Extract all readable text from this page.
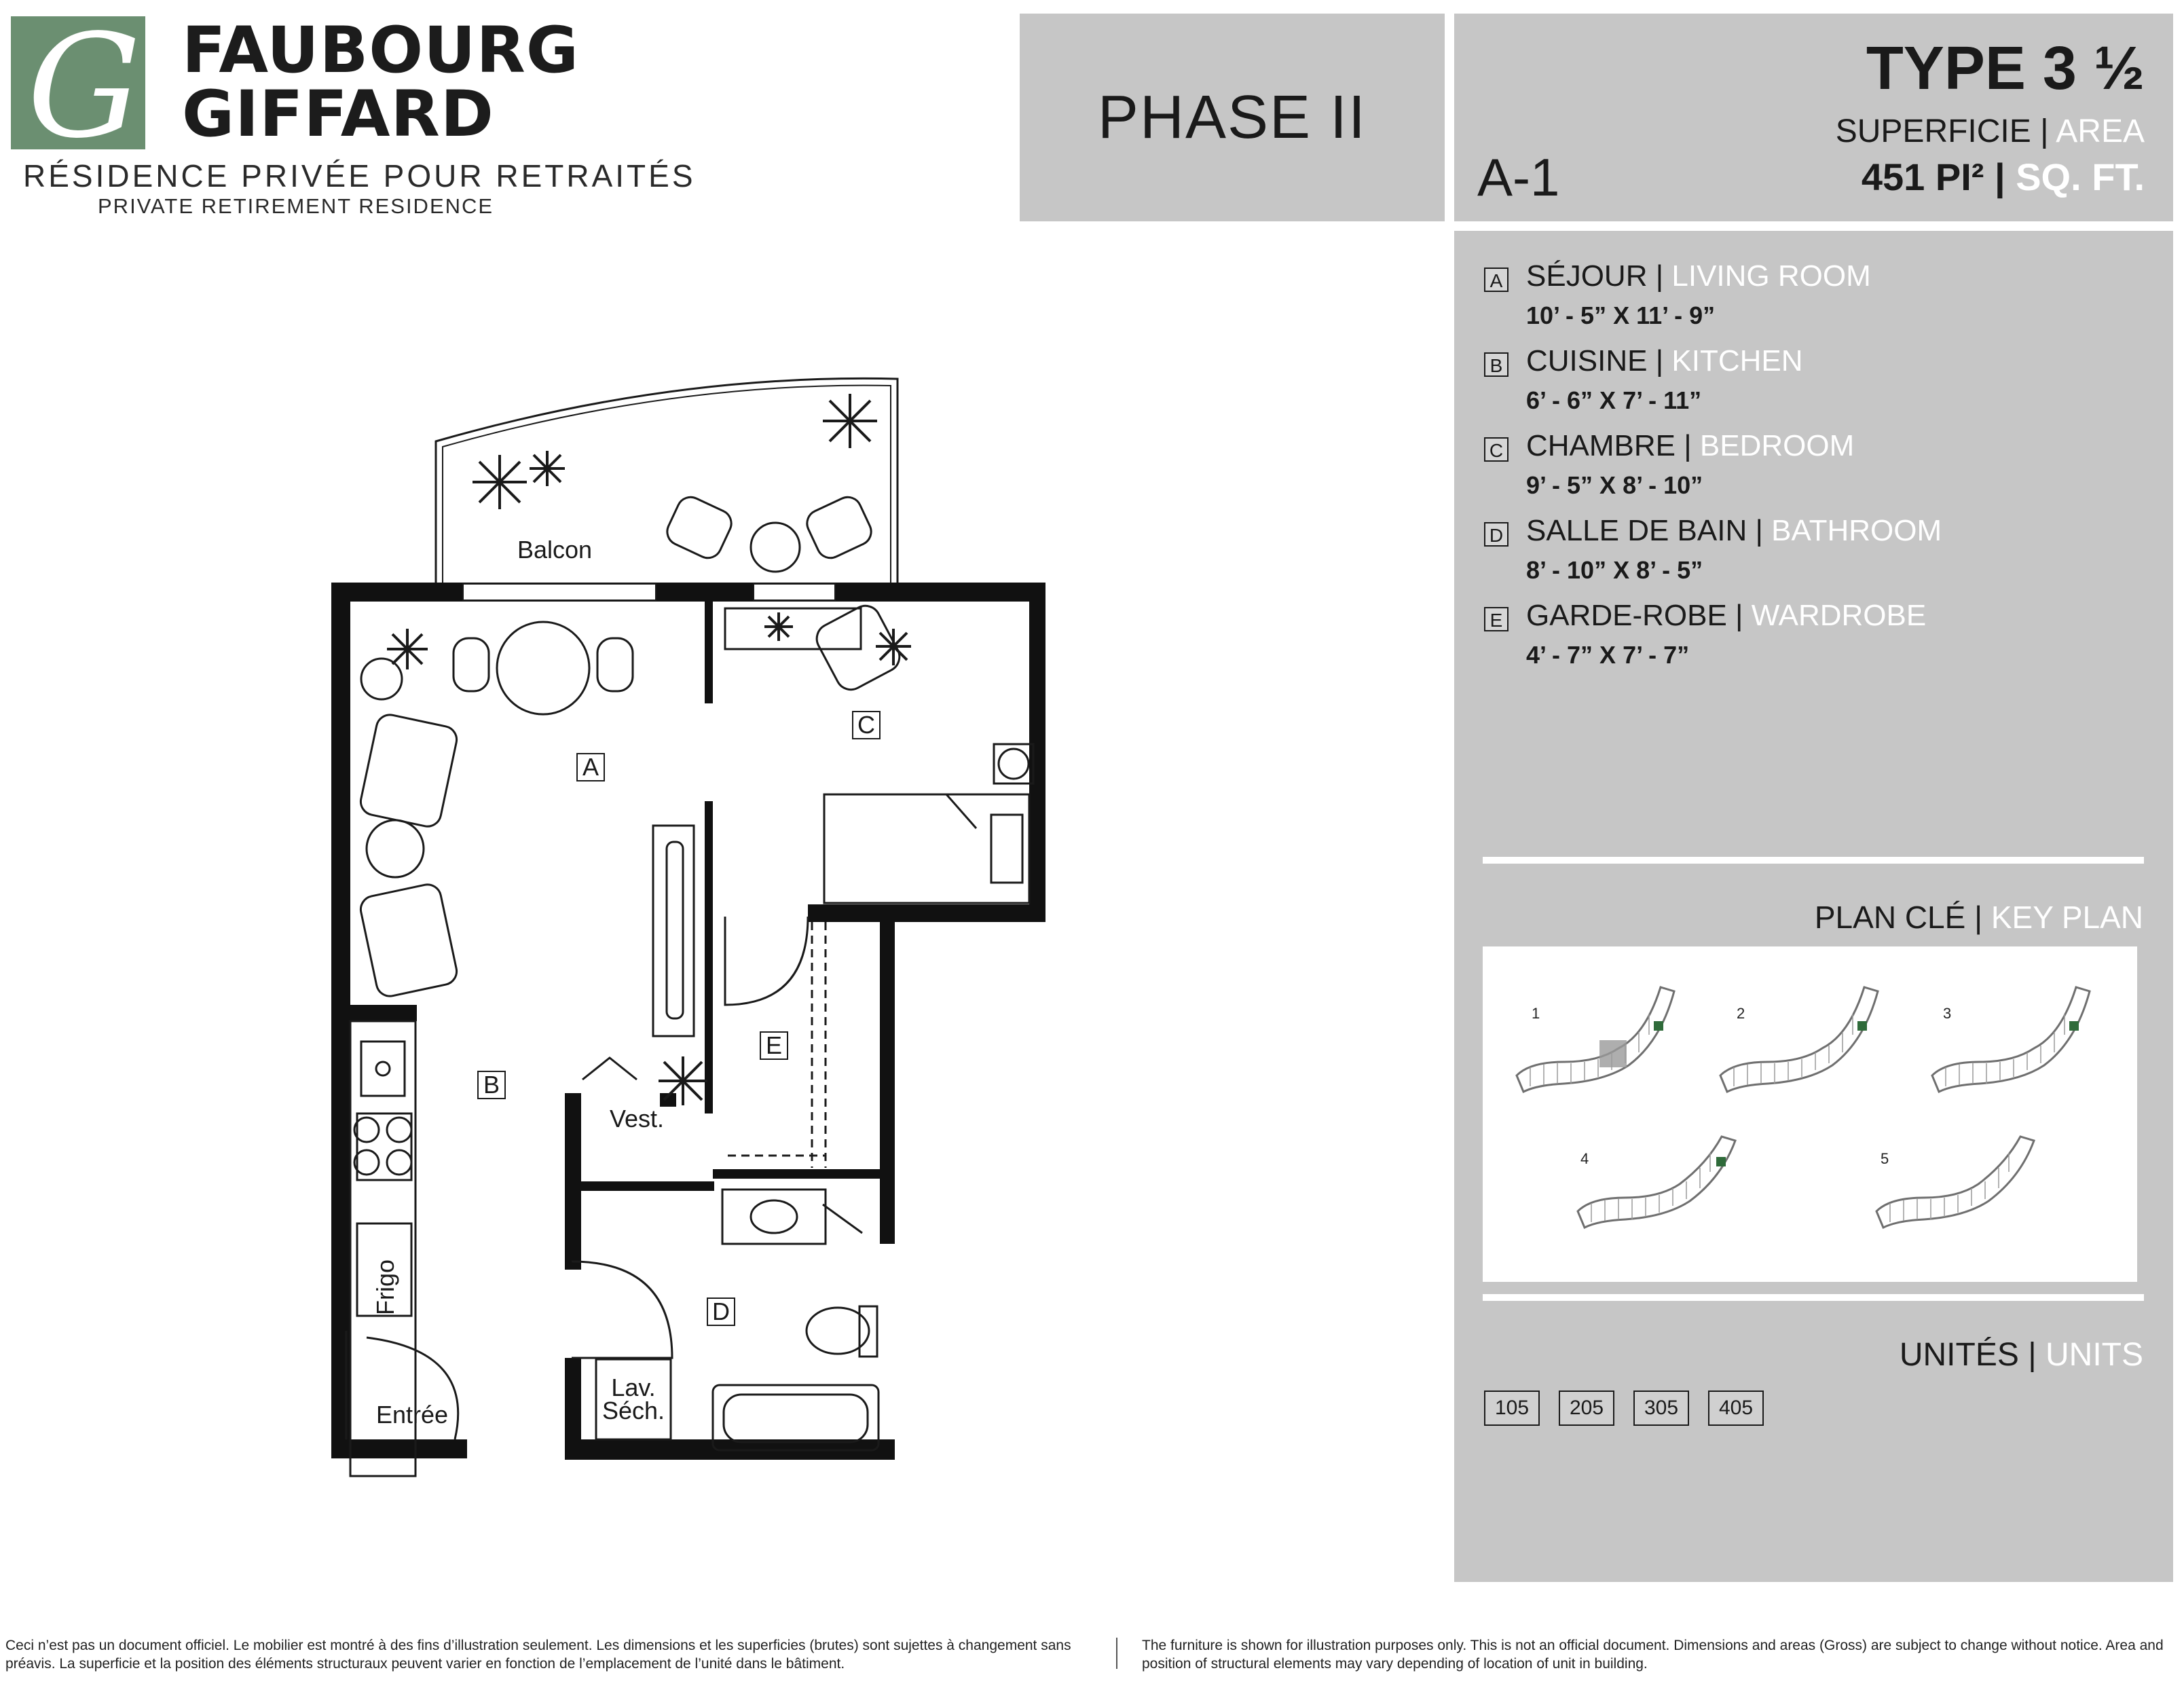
G FAUBOURG
GIFFARD
RÉSIDENCE PRIVÉE POUR RETRAITÉS
PRIVATE RETIREMENT RESIDENCE
PHASE II
A-1
TYPE 3 ½
SUPERFICIE | AREA
451 PI² | SQ. FT.
A SÉJOUR | LIVING ROOM
10’ - 5” X 11’ - 9”
B CUISINE | KITCHEN
6’ - 6” X 7’ - 11”
C CHAMBRE | BEDROOM
9’ - 5” X 8’ - 10”
D SALLE DE BAIN | BATHROOM
8’ - 10” X 8’ - 5”
E GARDE-ROBE | WARDROBE
4’ - 7” X 7’ - 7”
PLAN CLÉ | KEY PLAN
1	2	3
4	5
UNITÉS | UNITS
105	205	305	405
A
C
B
E
D
Balcon
Vest.
Frigo
Entrée
Lav.
Séch.
Ceci n’est pas un document officiel. Le mobilier est montré à des fins d’illustration seulement. Les dimensions et les superficies (brutes) sont sujettes à changement sans préavis. La superficie et la position des éléments structuraux peuvent varier en fonction de l’emplacement de l’unité dans le bâtiment.
The furniture is shown for illustration purposes only. This is not an official document. Dimensions and areas (Gross) are subject to change without notice. Area and position of structural elements may vary depending of location of unit in building.
